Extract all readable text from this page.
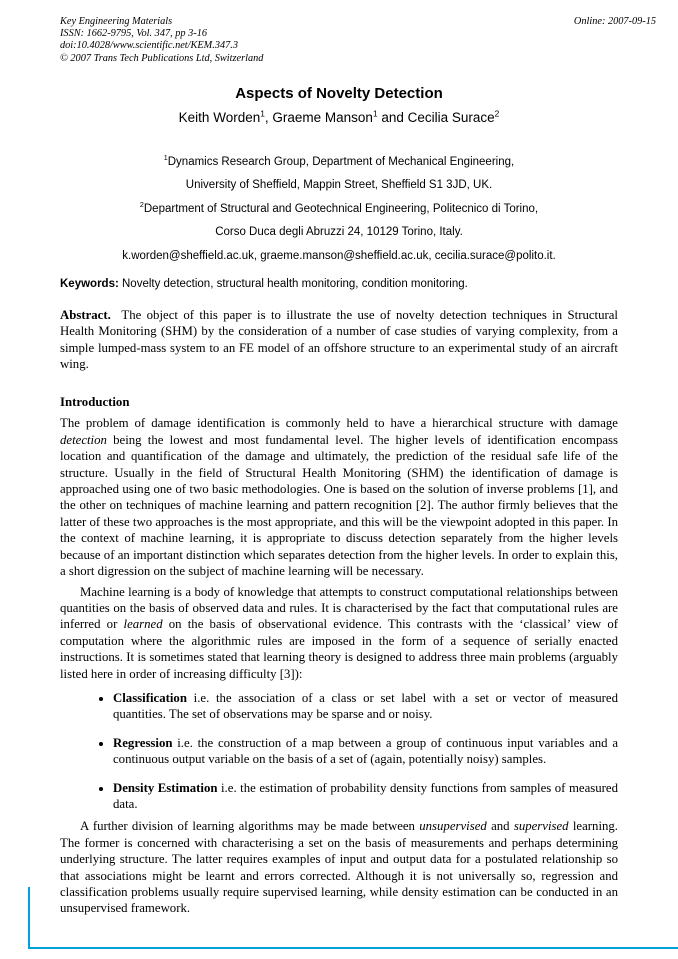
Key Engineering Materials
ISSN: 1662-9795, Vol. 347, pp 3-16
doi:10.4028/www.scientific.net/KEM.347.3
© 2007 Trans Tech Publications Ltd, Switzerland
Online: 2007-09-15
Aspects of Novelty Detection
Keith Worden$^1$, Graeme Manson$^1$ and Cecilia Surace$^2$
$^1$Dynamics Research Group, Department of Mechanical Engineering,
University of Sheffield, Mappin Street, Sheffield S1 3JD, UK.
$^2$Department of Structural and Geotechnical Engineering, Politecnico di Torino,
Corso Duca degli Abruzzi 24, 10129 Torino, Italy.
k.worden@sheffield.ac.uk, graeme.manson@sheffield.ac.uk, cecilia.surace@polito.it.

Keywords: Novelty detection, structural health monitoring, condition monitoring.

Abstract.  The object of this paper is to illustrate the use of novelty detection techniques in Structural Health Monitoring (SHM) by the consideration of a number of case studies of varying complexity, from a simple lumped-mass system to an FE model of an offshore structure to an experimental study of an aircraft wing.

Introduction

The problem of damage identification is commonly held to have a hierarchical structure with damage detection being the lowest and most fundamental level. The higher levels of identification encompass location and quantification of the damage and ultimately, the prediction of the residual safe life of the structure. Usually in the field of Structural Health Monitoring (SHM) the identification of damage is approached using one of two basic methodologies. One is based on the solution of inverse problems [1], and the other on techniques of machine learning and pattern recognition [2]. The author firmly believes that the latter of these two approaches is the most appropriate, and this will be the viewpoint adopted in this paper. In the context of machine learning, it is appropriate to discuss detection separately from the higher levels because of an important distinction which separates detection from the higher levels. In order to explain this, a short digression on the subject of machine learning will be necessary.

Machine learning is a body of knowledge that attempts to construct computational relationships between quantities on the basis of observed data and rules. It is characterised by the fact that computational rules are inferred or learned on the basis of observational evidence. This contrasts with the ‘classical’ view of computation where the algorithmic rules are imposed in the form of a sequence of serially enacted instructions. It is sometimes stated that learning theory is designed to address three main problems (arguably listed here in order of increasing difficulty [3]):

• Classification i.e. the association of a class or set label with a set or vector of measured quantities. The set of observations may be sparse and or noisy.
• Regression i.e. the construction of a map between a group of continuous input variables and a continuous output variable on the basis of a set of (again, potentially noisy) samples.
• Density Estimation i.e. the estimation of probability density functions from samples of measured data.

A further division of learning algorithms may be made between unsupervised and supervised learning. The former is concerned with characterising a set on the basis of measurements and perhaps determining underlying structure. The latter requires examples of input and output data for a postulated relationship so that associations might be learnt and errors corrected. Although it is not universally so, regression and classification problems usually require supervised learning, while density estimation can be conducted in an unsupervised framework.
